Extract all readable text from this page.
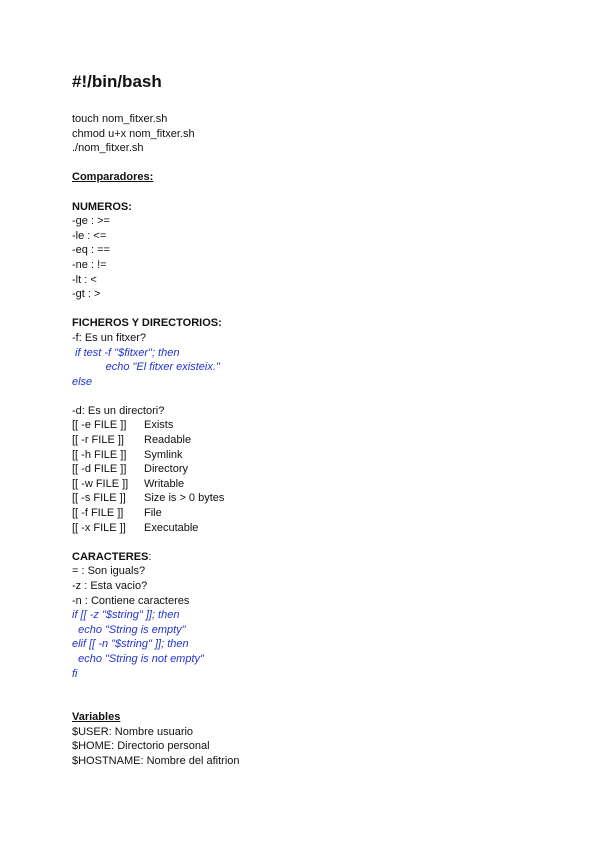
#!/bin/bash

touch nom_fitxer.sh

chmod u+x nom_fitxer.sh

./nom_fitxer.sh

Comparadores:

NUMEROS:

-ge : >=

-le : <=

-eq : ==

-ne : !=

-lt : <

-gt : >

FICHEROS Y DIRECTORIOS:

-f: Es un fitxer?

if test -f "$fitxer"; then

echo "El fitxer existeix."

else

-d: Es un directori?

[[ -e FILE ]]	Exists
[[ -r FILE ]]	Readable
[[ -h FILE ]]	Symlink
[[ -d FILE ]]	Directory
[[ -w FILE ]]	Writable
[[ -s FILE ]]	Size is > 0 bytes
[[ -f FILE ]]	File
[[ -x FILE ]]	Executable

CARACTERES:

= : Son iguals?

-z : Esta vacio?

-n : Contiene caracteres

if [[ -z "$string" ]]; then

echo "String is empty"

elif [[ -n "$string" ]]; then

echo "String is not empty"

fi

Variables

$USER: Nombre usuario

$HOME: Directorio personal

$HOSTNAME: Nombre del afitrion
